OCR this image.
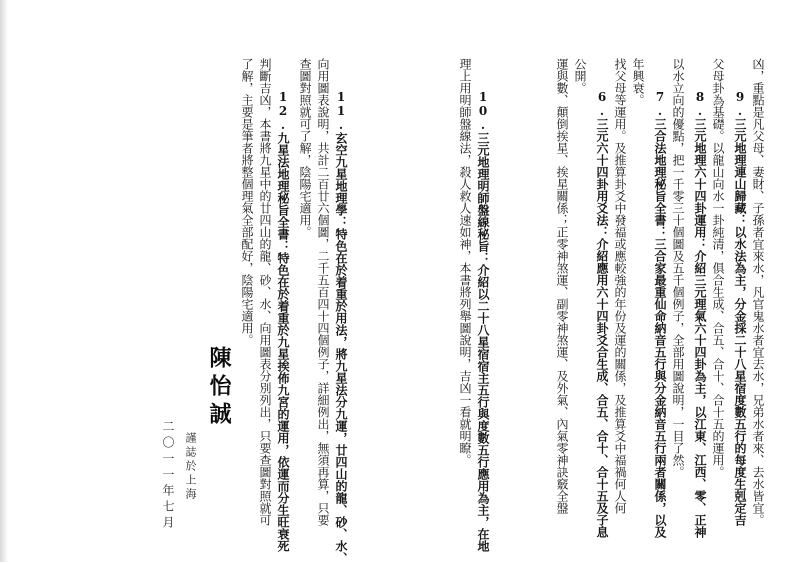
運與數、顛倒挨星、挨星關係；正零神煞運、副零神煞運、及外氣、內氣零神訣竅全盤 公開。
6.三元六十四卦用爻法：介紹應用六十四卦爻合生成、合五、合十、合十五及子息 找父母等運用。及推算卦爻中發福或應較強的年份及運的關係，及推算爻中福禍何人何 年興衰。
7.三合法地理秘旨全書：三合家最重仙命納音五行與分金納音五行兩者關係，以及 以水立向的優點，把一千零三十個圖及五千個例子，全部用圖說明，一目了然。 8.三元地理六十四卦運用：介紹三元理氣六十四卦為主，以江東、江西、零、正神 父母卦為基礎。以龍山向水一卦純清，俱合生成、合五、合十、合十五的運用。 9.三元地理連山歸藏：以水法為主，分金採二十八星宿度數五行的每度生剋定吉 凶，重點是凡父母、妻財、子孫者宜來水，凡官鬼水者宜去水，兄弟水者來、去水皆宜。
10.三元地理明師盤線秘旨：介紹以二十八星宿宿主五行與度數五行應用為主，在地
理上用明師盤線法，殺人救人速如神，本書將列舉圖說明，吉凶一看就明瞭。
11.玄空九星地理學：特色在於着重於用法，將九星法分九運，廿四山的龍、砂、水、
向用圖表說明，共計二百廿六個圖，二千五百四十四個例子，詳細例出，無須再算，只要
查圖對照就可了解，陰陽宅適用。
12.九星法地理秘旨全書：特色在於着重於九星挨佈九宮的運用，依運而分生旺衰死
判斷吉凶，本書將九星中的廿四山的龍、砂、水、向用圖表分別列出，只要查圖對照就可
了解，主要是筆者將整個理氣全部配好，陰陽宅適用。
陳怡誠
謹誌於上海
二〇一一年七月
